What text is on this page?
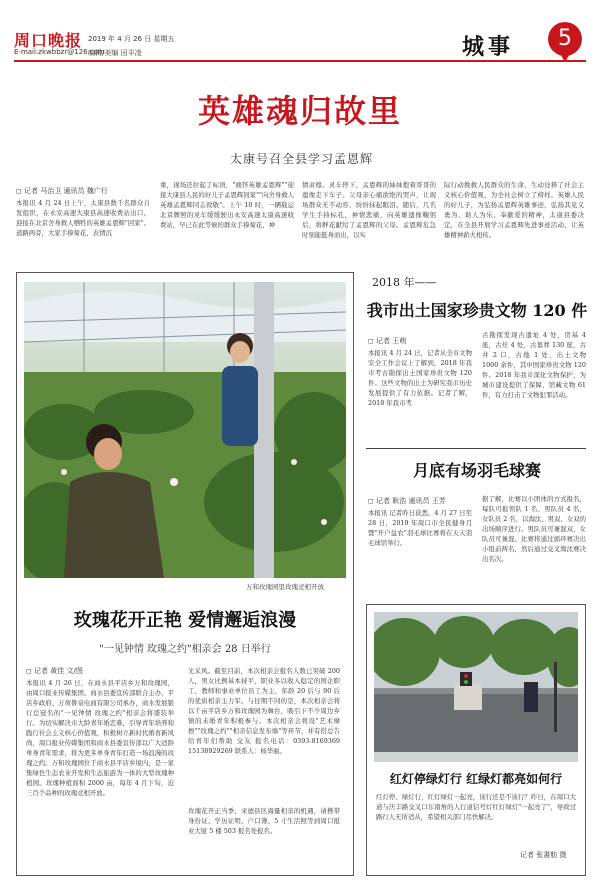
周口晚报 2019 年 4 月 26 日 星期五
E-mail:zkwbbzr@126.com
编辑/美编 田丰凌	城事	5
英雄魂归故里
太康号召全县学习孟恩辉
◻ 记者 马治卫 通讯员 魏广行
本报讯 4 月 24 日上午，太康县数千名群众自发组织，在永安高速大康县高速收费站出口，迎接在北京舍身救人牺牲的英雄孟恩辉"回家"。道路两旁，大家手捧菊花，表情沉
重，现场还拉起了标语，"痛怀英雄孟恩辉""迎接大康县人民的好儿子孟恩辉回家""向舍身救人英雄孟恩辉同志致敬"。上午 10 时，一辆载运北京牌照的灵车缓缓驶出永安高速太康高速收费站，早已在此等候的群众手捧菊花，神
情肃穆。灵车停下，孟恩辉的妹妹抱着哥哥的遗像走下车子。父母亲心痛欲绝的哭声，让现场群众无不动容，纷纷抹起眼泪。随后，几名学生手持标孔，神情悲痛，向英雄遗像鞠躬后，将鲜花献给了孟恩辉的父母。孟恩辉危急时刻能挺身而出，以实
际行动挽救人民群众的生命，生动诠释了社会主义核心价值观，为全社会树立了榜样。英雄人民的好儿子，为弘扬孟恩辉英雄事迹，弘扬其见义勇为、助人为乐、奉献爱的精神，太康县委决定，在全县开展学习孟恩辉先进事迹活动，让英雄精神薪火相传。
万和玫瑰园里玫瑰竞相开放
玫瑰花开正艳 爱情邂逅浪漫
"一见钟情 玫瑰之约"相亲会 28 日举行
◻ 记者 黄佳 文/图
本报讯 4 月 26 日，在商水县平店乡万和玫瑰园，由周口报业传媒集团、商水县委宣传部联合主办，平店乡政府、万荷鲁泉电商有限公司承办，商水发展银行总冠名的"一见钟情 玫瑰之约"相亲会将盛装举行。为切实解决市大龄青年婚恋难，引导青年培养和践行社会主义核心价值观，积极树立新时代婚育新风尚，周口报业传媒集团和商水县委宣传部以广大适龄单身青年需求，将为更多单身青年打造一场浪漫的玫瑰之约。万和玫瑰园位于商水县平店乡境内，是一家集绿色生态农业开发和生态旅游为一体的大型玫瑰种植园。玫瑰种植面积 2000 亩，每年 4 月下旬，近三百个品种的玫瑰竞相开放。
光采风。截至目前，本次相亲会报名人数已突破 200 人，男女比例基本持平，职业多以收入稳定的国企职工、教师和事业单位员工为主，年龄 20 后与 90 后的优质相亲主力军。与往期不同的是，本次相亲会将以千亩平店乡万和玫瑰园为舞台，吸引下不少周边乡镇的未婚青年积极参与。本次相亲会将设"艺术摩擦""玫瑰之约""相亲信息发布墙"等环节，并有搭总告给青年们帮助 交友 报名电话：0393-8169369 15138929269 联系人：杨华丽。
玫瑰花开正当季，来德县区海量相亲的机遇，请携带身份证、学历证明、户口簿、5 寸生活照等到周口报业大厦 5 楼 503 报名处报名。
2018 年——
我市出土国家珍贵文物 120 件
◻ 记者 王萌
本报讯 4 月 24 日，记者从全市文物安全工作会议上了解到，2018 年我市考古勘探出土国家珍贵文物 120 件。这些文物的出土为研究我市历史发展提供了有力依据。记者了解，2018 年我市考
古勘探发现古遗址 4 处，房基 4 座，古灶 4 处，古墓葬 130 座，古井 2 口，古地 1 处，出土文物 1000 余件，其中国家珍贵文物 120 件。2018 年我市深化文物保护，为城市建设提供了保障，馆藏文物 61 件，有力打击了文物犯罪活动。
月底有场羽毛球赛
◻ 记者 耿浩 通讯员 王芳
本报讯 记者昨日获悉，4 月 27 日至 28 日，2019 年周口市全民健身月暨"开户益农"羽毛球比赛将在天天羽毛球馆举行。
据了解，比赛以小团体的方式报名，每队可报领队 1 名、男队员 4 名，女队员 2 名，以淘汰、男双、女双的出场顺序进行。男队员可兼混双，女队员可兼混。比赛将通过循环赛决出小组前两名，然后通过交叉淘汰赛决出名次。
红灯停绿灯行 红绿灯都亮如何行
红灯停、绿灯行，红灯绿灯一起亮，该行还是不该行？昨日，在周口大道与庆丰路交叉口东南角的人行道信号灯红灯绿灯"一起亮了"，导致过路行人无所适从，希望相关部门尽快解决。
记者 张書舫 摄
